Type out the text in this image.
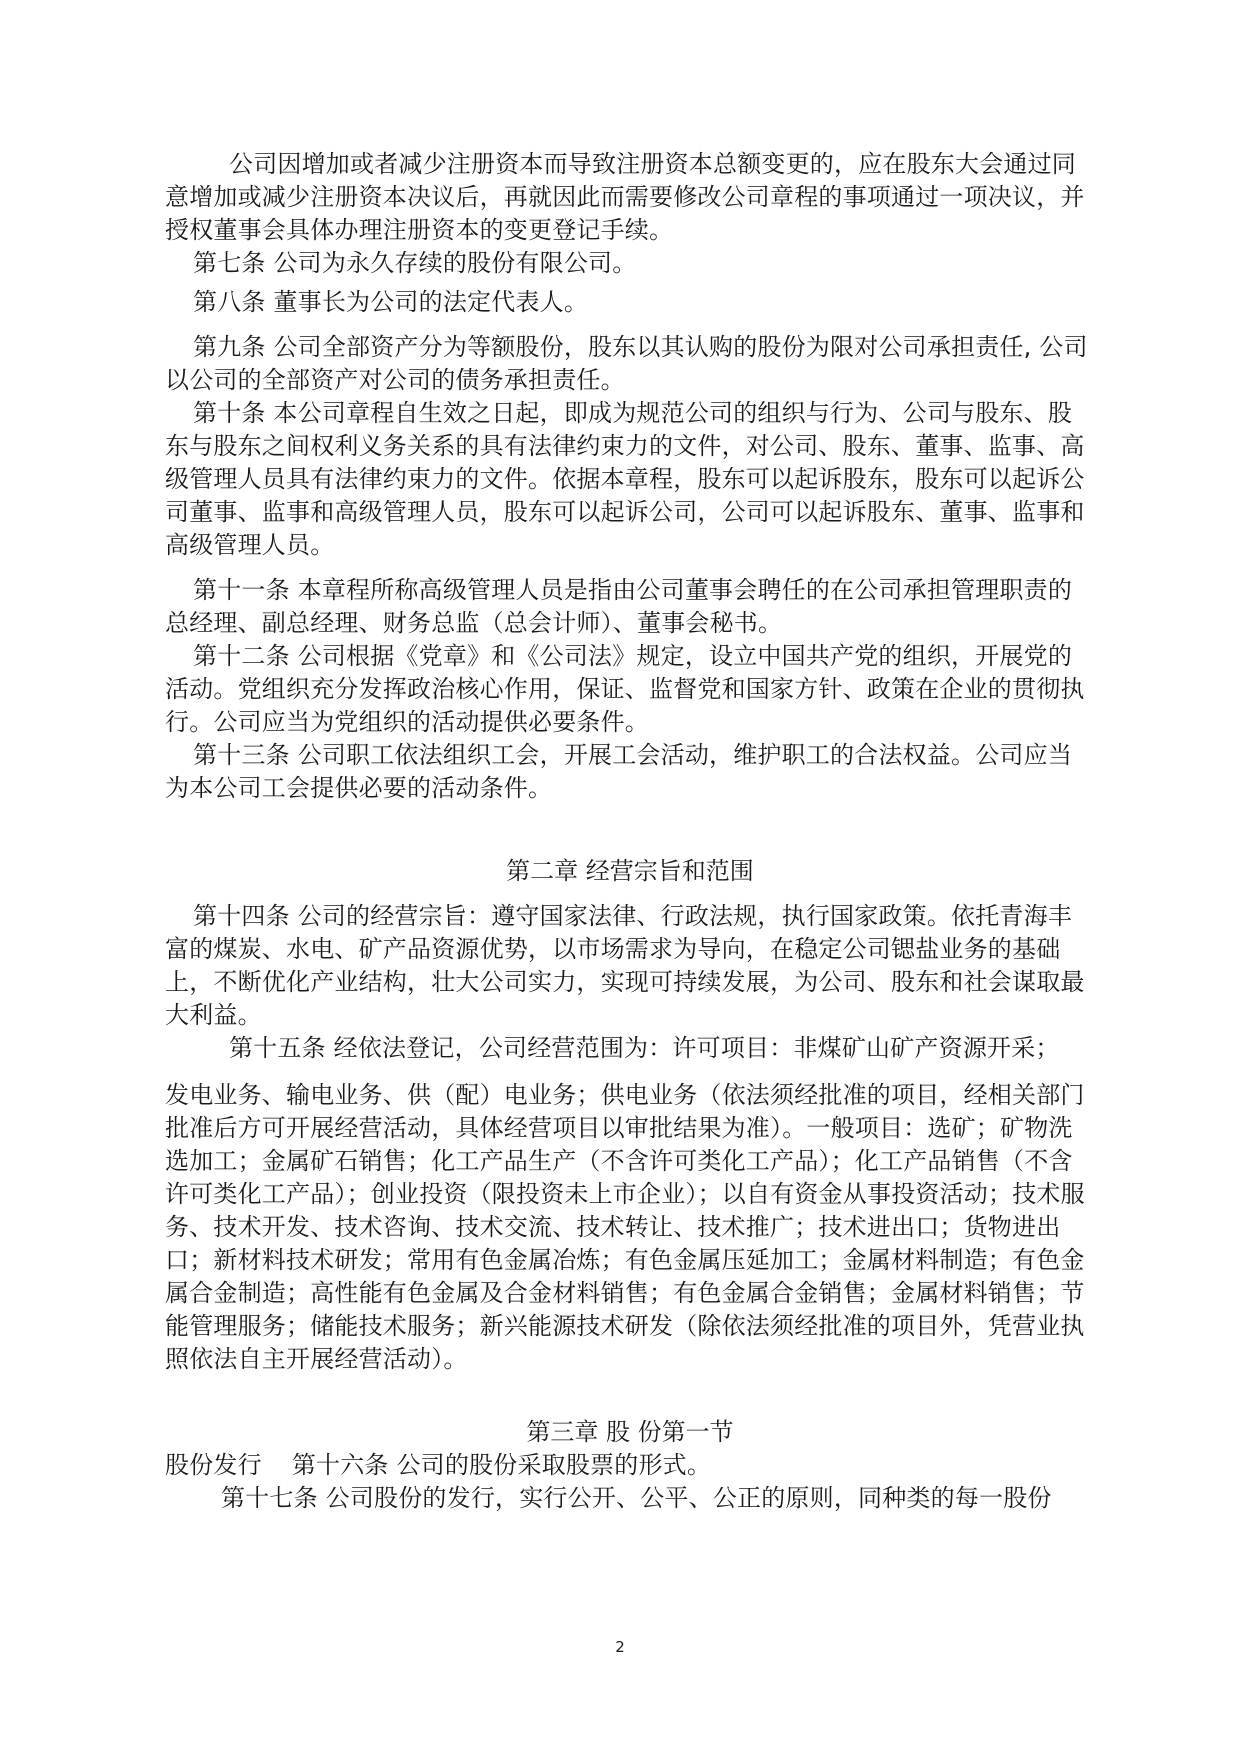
公司因增加或者减少注册资本而导致注册资本总额变更的，应在股东大会通过同意增加或减少注册资本决议后，再就因此而需要修改公司章程的事项通过一项决议，并授权董事会具体办理注册资本的变更登记手续。

第七条 公司为永久存续的股份有限公司。

第八条 董事长为公司的法定代表人。

第九条 公司全部资产分为等额股份，股东以其认购的股份为限对公司承担责任, 公司以公司的全部资产对公司的债务承担责任。

第十条 本公司章程自生效之日起，即成为规范公司的组织与行为、公司与股东、股东与股东之间权利义务关系的具有法律约束力的文件，对公司、股东、董事、监事、高级管理人员具有法律约束力的文件。依据本章程，股东可以起诉股东，股东可以起诉公司董事、监事和高级管理人员，股东可以起诉公司，公司可以起诉股东、董事、监事和高级管理人员。

第十一条 本章程所称高级管理人员是指由公司董事会聘任的在公司承担管理职责的总经理、副总经理、财务总监（总会计师）、董事会秘书。

第十二条 公司根据《党章》和《公司法》规定，设立中国共产党的组织，开展党的活动。党组织充分发挥政治核心作用，保证、监督党和国家方针、政策在企业的贯彻执行。公司应当为党组织的活动提供必要条件。

第十三条 公司职工依法组织工会，开展工会活动，维护职工的合法权益。公司应当为本公司工会提供必要的活动条件。

第二章 经营宗旨和范围

第十四条 公司的经营宗旨：遵守国家法律、行政法规，执行国家政策。依托青海丰富的煤炭、水电、矿产品资源优势，以市场需求为导向，在稳定公司锶盐业务的基础上，不断优化产业结构，壮大公司实力，实现可持续发展，为公司、股东和社会谋取最大利益。

第十五条 经依法登记，公司经营范围为：许可项目：非煤矿山矿产资源开采；

发电业务、输电业务、供（配）电业务；供电业务（依法须经批准的项目，经相关部门批准后方可开展经营活动，具体经营项目以审批结果为准）。一般项目：选矿；矿物洗选加工；金属矿石销售；化工产品生产（不含许可类化工产品）；化工产品销售（不含许可类化工产品）；创业投资（限投资未上市企业）；以自有资金从事投资活动；技术服务、技术开发、技术咨询、技术交流、技术转让、技术推广；技术进出口；货物进出口；新材料技术研发；常用有色金属冶炼；有色金属压延加工；金属材料制造；有色金属合金制造；高性能有色金属及合金材料销售；有色金属合金销售；金属材料销售；节能管理服务；储能技术服务；新兴能源技术研发（除依法须经批准的项目外，凭营业执照依法自主开展经营活动）。

第三章 股 份第一节

股份发行 第十六条 公司的股份采取股票的形式。

第十七条 公司股份的发行，实行公开、公平、公正的原则，同种类的每一股份

2
